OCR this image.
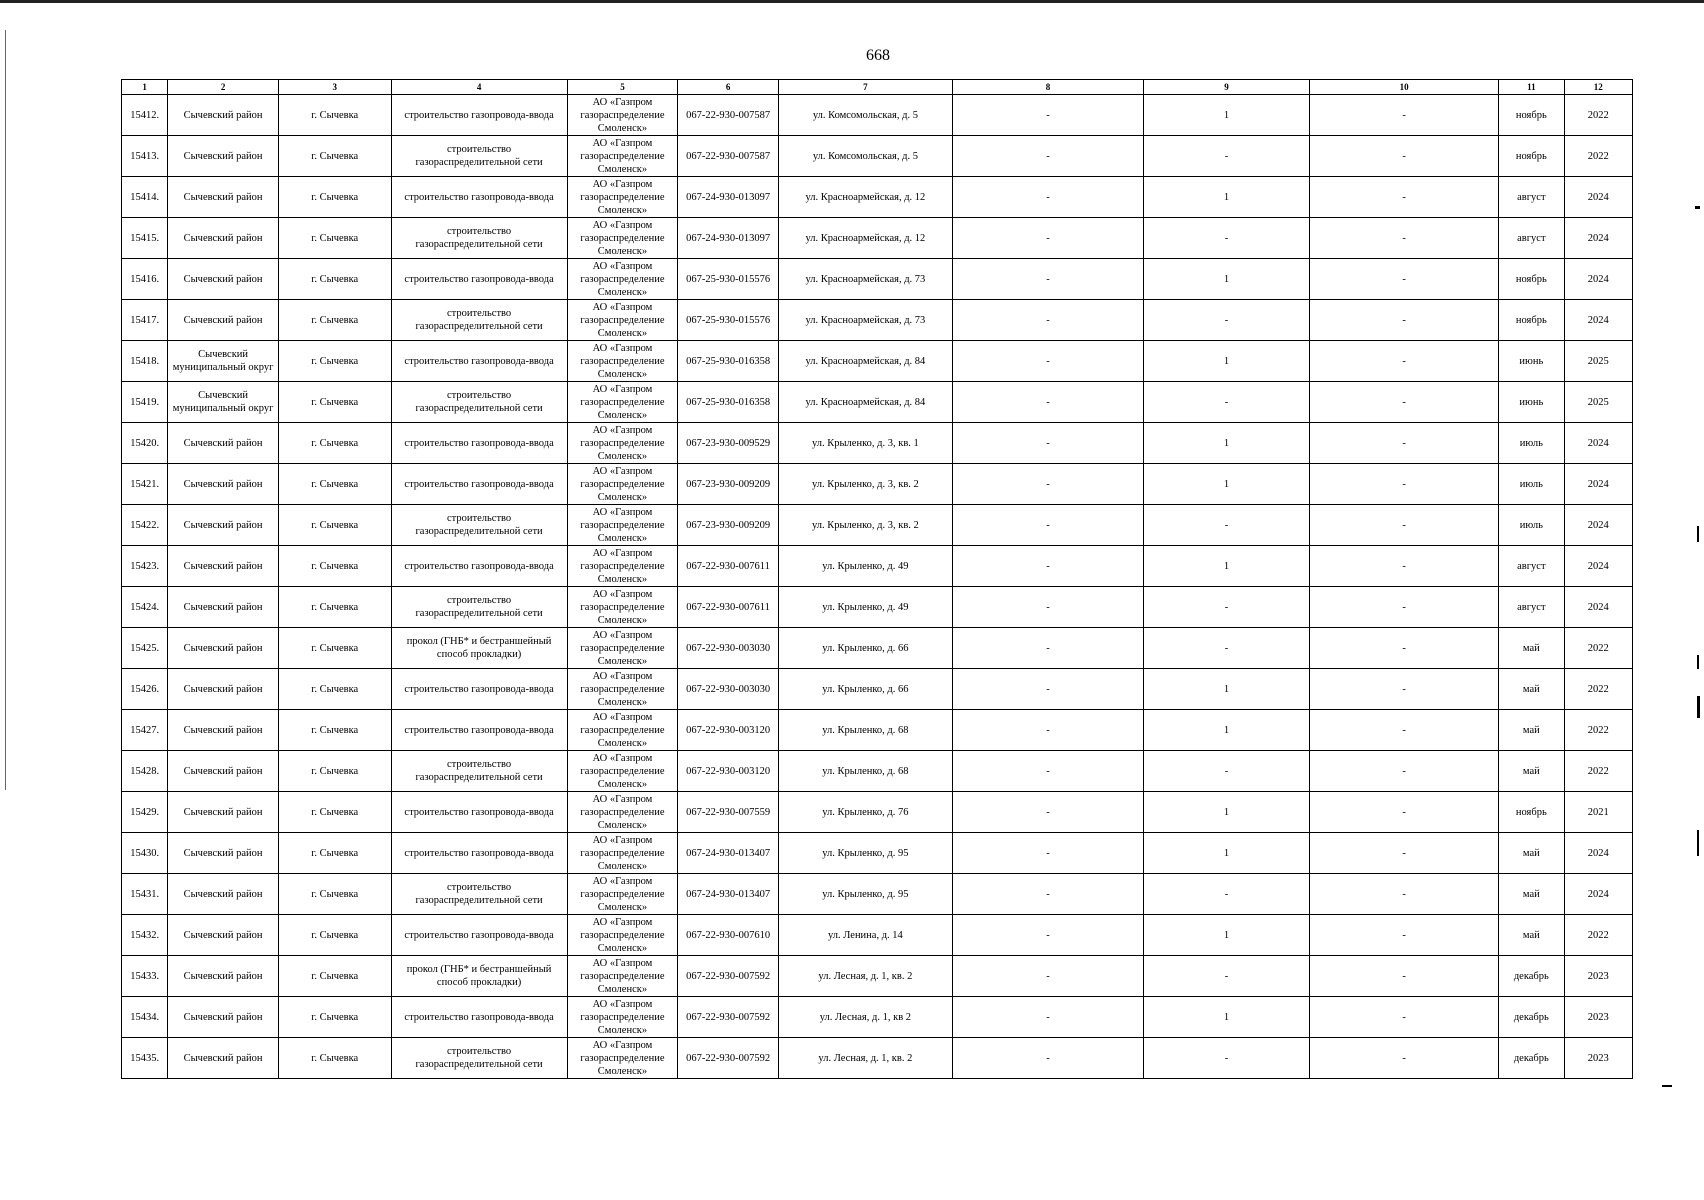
668
1	2	3	4	5	6	7	8	9	10	11	12
15412.	Сычевский район	г. Сычевка	строительство газопровода-ввода	АО «Газпром газораспределение Смоленск»	067-22-930-007587	ул. Комсомольская, д. 5	-	1	-	ноябрь	2022
15413.	Сычевский район	г. Сычевка	строительство газораспределительной сети	АО «Газпром газораспределение Смоленск»	067-22-930-007587	ул. Комсомольская, д. 5	-	-	-	ноябрь	2022
15414.	Сычевский район	г. Сычевка	строительство газопровода-ввода	АО «Газпром газораспределение Смоленск»	067-24-930-013097	ул. Красноармейская, д. 12	-	1	-	август	2024
15415.	Сычевский район	г. Сычевка	строительство газораспределительной сети	АО «Газпром газораспределение Смоленск»	067-24-930-013097	ул. Красноармейская, д. 12	-	-	-	август	2024
15416.	Сычевский район	г. Сычевка	строительство газопровода-ввода	АО «Газпром газораспределение Смоленск»	067-25-930-015576	ул. Красноармейская, д. 73	-	1	-	ноябрь	2024
15417.	Сычевский район	г. Сычевка	строительство газораспределительной сети	АО «Газпром газораспределение Смоленск»	067-25-930-015576	ул. Красноармейская, д. 73	-	-	-	ноябрь	2024
15418.	Сычевский муниципальный округ	г. Сычевка	строительство газопровода-ввода	АО «Газпром газораспределение Смоленск»	067-25-930-016358	ул. Красноармейская, д. 84	-	1	-	июнь	2025
15419.	Сычевский муниципальный округ	г. Сычевка	строительство газораспределительной сети	АО «Газпром газораспределение Смоленск»	067-25-930-016358	ул. Красноармейская, д. 84	-	-	-	июнь	2025
15420.	Сычевский район	г. Сычевка	строительство газопровода-ввода	АО «Газпром газораспределение Смоленск»	067-23-930-009529	ул. Крыленко, д. 3, кв. 1	-	1	-	июль	2024
15421.	Сычевский район	г. Сычевка	строительство газопровода-ввода	АО «Газпром газораспределение Смоленск»	067-23-930-009209	ул. Крыленко, д. 3, кв. 2	-	1	-	июль	2024
15422.	Сычевский район	г. Сычевка	строительство газораспределительной сети	АО «Газпром газораспределение Смоленск»	067-23-930-009209	ул. Крыленко, д. 3, кв. 2	-	-	-	июль	2024
15423.	Сычевский район	г. Сычевка	строительство газопровода-ввода	АО «Газпром газораспределение Смоленск»	067-22-930-007611	ул. Крыленко, д. 49	-	1	-	август	2024
15424.	Сычевский район	г. Сычевка	строительство газораспределительной сети	АО «Газпром газораспределение Смоленск»	067-22-930-007611	ул. Крыленко, д. 49	-	-	-	август	2024
15425.	Сычевский район	г. Сычевка	прокол (ГНБ* и бестраншейный способ прокладки)	АО «Газпром газораспределение Смоленск»	067-22-930-003030	ул. Крыленко, д. 66	-	-	-	май	2022
15426.	Сычевский район	г. Сычевка	строительство газопровода-ввода	АО «Газпром газораспределение Смоленск»	067-22-930-003030	ул. Крыленко, д. 66	-	1	-	май	2022
15427.	Сычевский район	г. Сычевка	строительство газопровода-ввода	АО «Газпром газораспределение Смоленск»	067-22-930-003120	ул. Крыленко, д. 68	-	1	-	май	2022
15428.	Сычевский район	г. Сычевка	строительство газораспределительной сети	АО «Газпром газораспределение Смоленск»	067-22-930-003120	ул. Крыленко, д. 68	-	-	-	май	2022
15429.	Сычевский район	г. Сычевка	строительство газопровода-ввода	АО «Газпром газораспределение Смоленск»	067-22-930-007559	ул. Крыленко, д. 76	-	1	-	ноябрь	2021
15430.	Сычевский район	г. Сычевка	строительство газопровода-ввода	АО «Газпром газораспределение Смоленск»	067-24-930-013407	ул. Крыленко, д. 95	-	1	-	май	2024
15431.	Сычевский район	г. Сычевка	строительство газораспределительной сети	АО «Газпром газораспределение Смоленск»	067-24-930-013407	ул. Крыленко, д. 95	-	-	-	май	2024
15432.	Сычевский район	г. Сычевка	строительство газопровода-ввода	АО «Газпром газораспределение Смоленск»	067-22-930-007610	ул. Ленина, д. 14	-	1	-	май	2022
15433.	Сычевский район	г. Сычевка	прокол (ГНБ* и бестраншейный способ прокладки)	АО «Газпром газораспределение Смоленск»	067-22-930-007592	ул. Лесная, д. 1, кв. 2	-	-	-	декабрь	2023
15434.	Сычевский район	г. Сычевка	строительство газопровода-ввода	АО «Газпром газораспределение Смоленск»	067-22-930-007592	ул. Лесная, д. 1, кв 2	-	1	-	декабрь	2023
15435.	Сычевский район	г. Сычевка	строительство газораспределительной сети	АО «Газпром газораспределение Смоленск»	067-22-930-007592	ул. Лесная, д. 1, кв. 2	-	-	-	декабрь	2023
